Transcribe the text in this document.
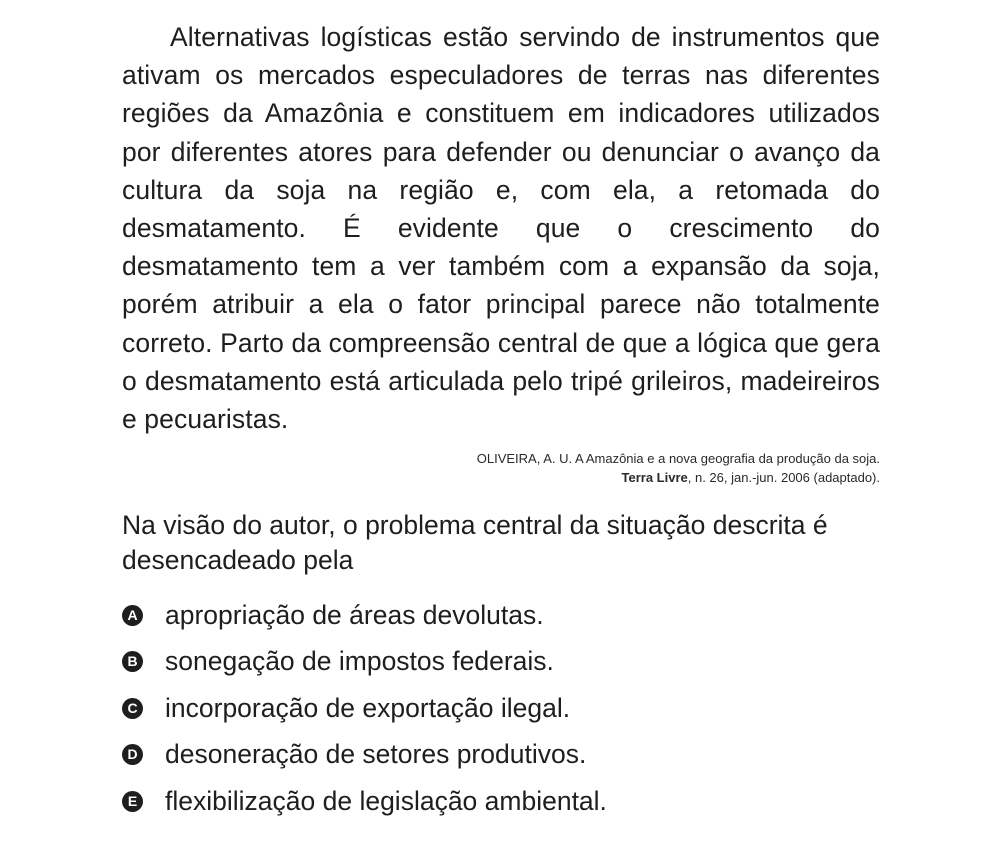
Alternativas logísticas estão servindo de instrumentos que ativam os mercados especuladores de terras nas diferentes regiões da Amazônia e constituem em indicadores utilizados por diferentes atores para defender ou denunciar o avanço da cultura da soja na região e, com ela, a retomada do desmatamento. É evidente que o crescimento do desmatamento tem a ver também com a expansão da soja, porém atribuir a ela o fator principal parece não totalmente correto. Parto da compreensão central de que a lógica que gera o desmatamento está articulada pelo tripé grileiros, madeireiros e pecuaristas.

OLIVEIRA, A. U. A Amazônia e a nova geografia da produção da soja.
Terra Livre, n. 26, jan.-jun. 2006 (adaptado).

Na visão do autor, o problema central da situação descrita é desencadeado pela

A apropriação de áreas devolutas.
B sonegação de impostos federais.
C incorporação de exportação ilegal.
D desoneração de setores produtivos.
E flexibilização de legislação ambiental.
